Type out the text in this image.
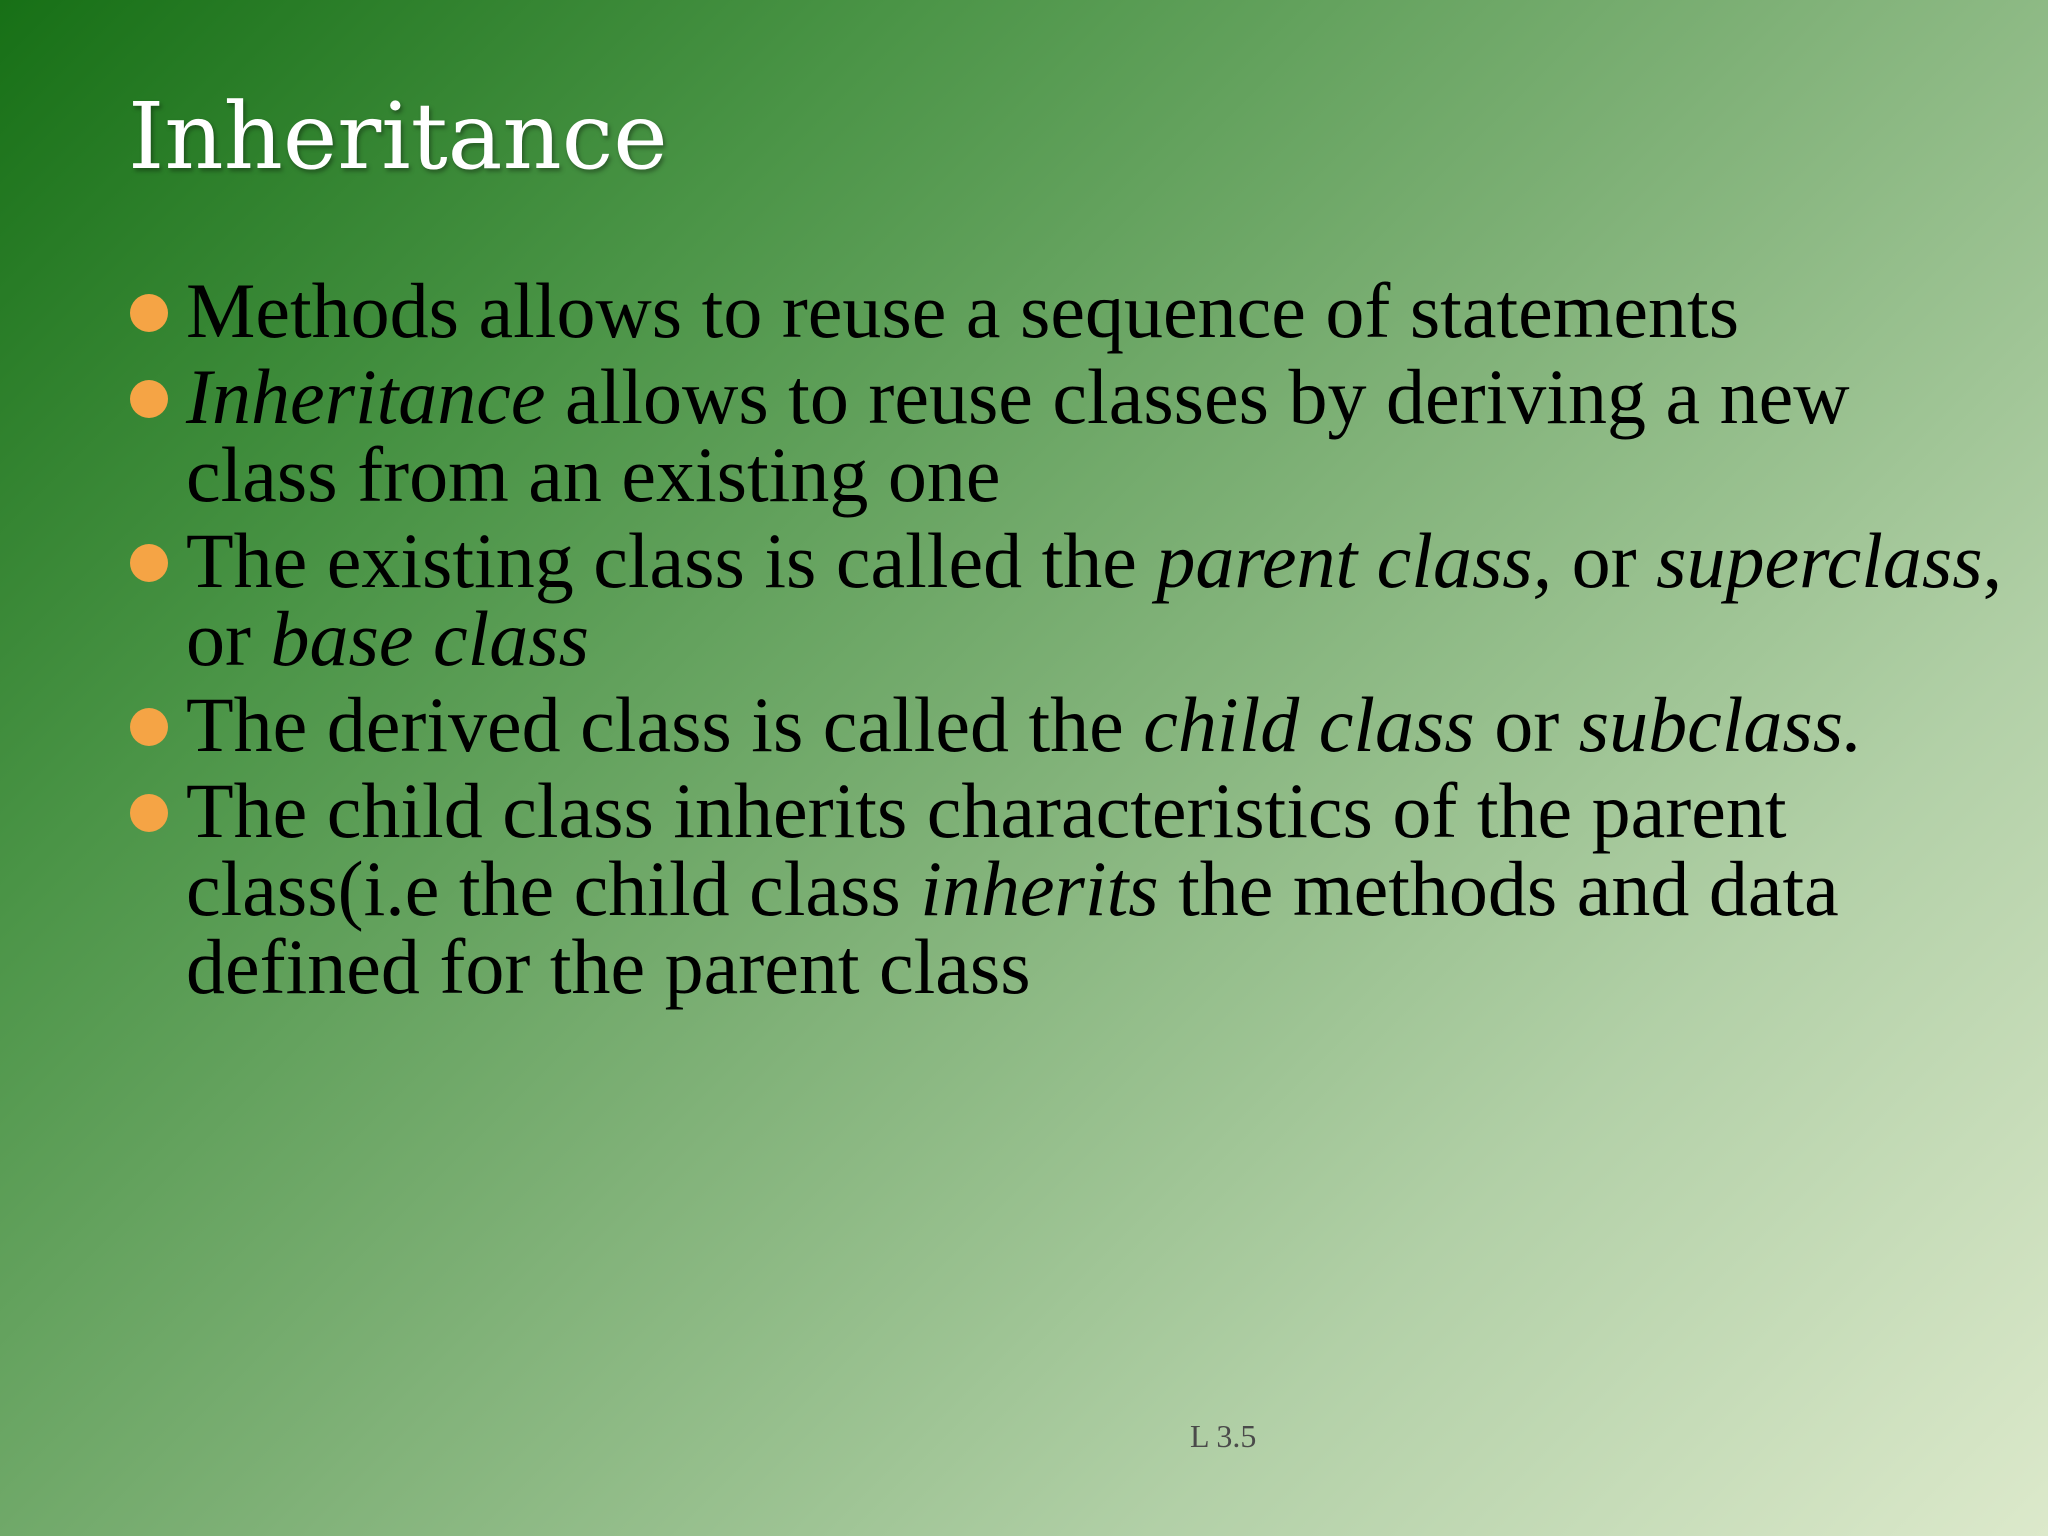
Inheritance
Methods allows to reuse a sequence of statements
Inheritance allows to reuse classes by deriving a new class from an existing one
The existing class is called the parent class, or superclass, or base class
The derived class is called the child class or subclass.
The child class inherits characteristics of the parent class(i.e the child class inherits the methods and data defined for the parent class
L 3.5
